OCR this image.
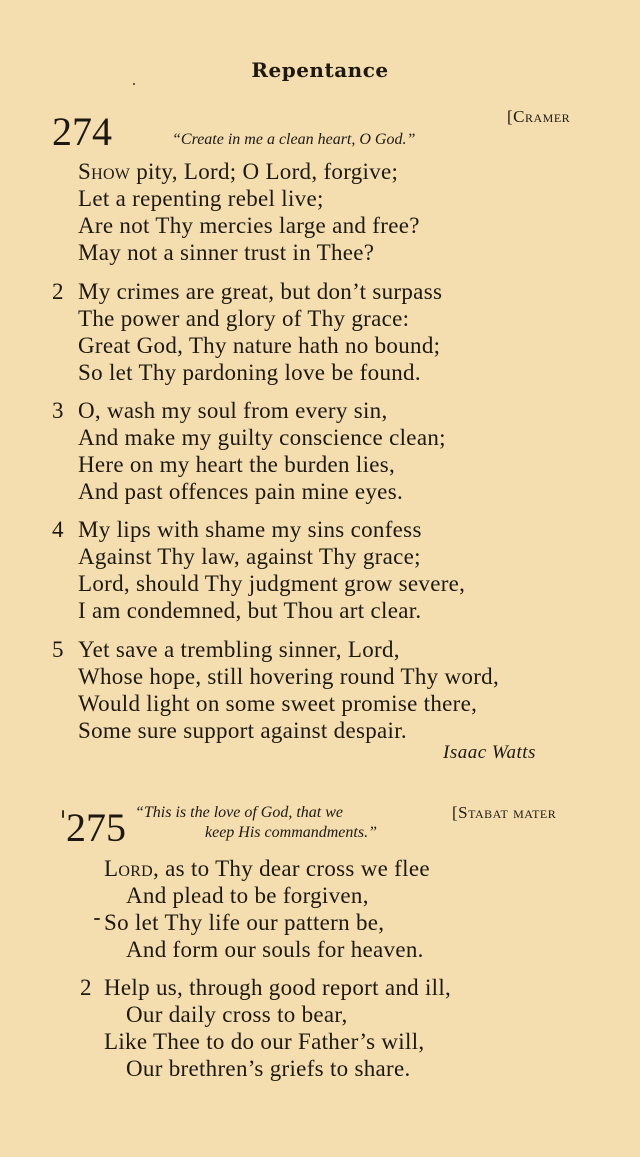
Repentance
274	[Cramer
“Create in me a clean heart, O God.”
Show pity, Lord; O Lord, forgive;
Let a repenting rebel live;
Are not Thy mercies large and free?
May not a sinner trust in Thee?
2 My crimes are great, but don’t surpass
The power and glory of Thy grace:
Great God, Thy nature hath no bound;
So let Thy pardoning love be found.
3 O, wash my soul from every sin,
And make my guilty conscience clean;
Here on my heart the burden lies,
And past offences pain mine eyes.
4 My lips with shame my sins confess
Against Thy law, against Thy grace;
Lord, should Thy judgment grow severe,
I am condemned, but Thou art clear.
5 Yet save a trembling sinner, Lord,
Whose hope, still hovering round Thy word,
Would light on some sweet promise there,
Some sure support against despair.
Isaac Watts
275	[Stabat mater
“This is the love of God, that we
keep His commandments.”
Lord, as to Thy dear cross we flee
And plead to be forgiven,
So let Thy life our pattern be,
And form our souls for heaven.
2 Help us, through good report and ill,
Our daily cross to bear,
Like Thee to do our Father’s will,
Our brethren’s griefs to share.
